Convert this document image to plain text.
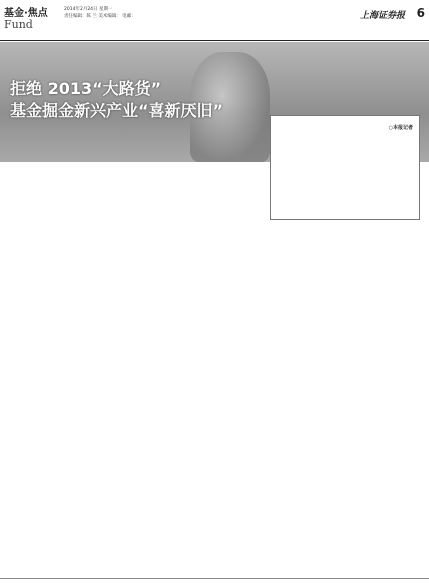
基金·焦点
Fund
2014年2月24日 星期一
责任编辑：陈 兰 美术编辑： 电邮：	上海证券报 6
拒绝 2013“大路货”
基金掘金新兴产业“喜新厌旧”
○本报记者
